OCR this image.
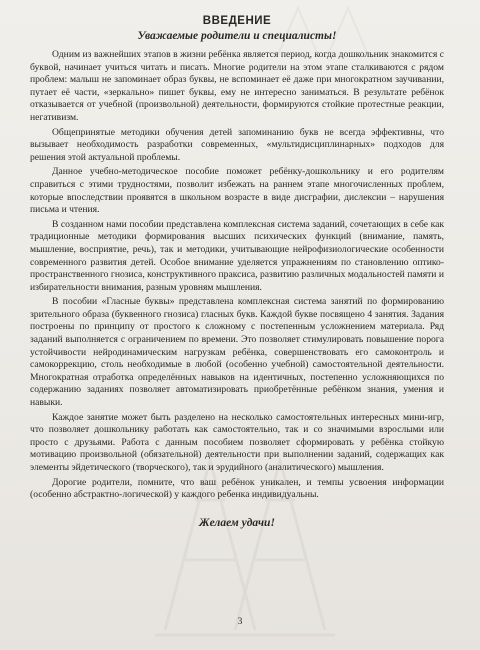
ВВЕДЕНИЕ
Уважаемые родители и специалисты!

Одним из важнейших этапов в жизни ребёнка является период, когда дошкольник знакомится с буквой, начинает учиться читать и писать. Многие родители на этом этапе сталкиваются с рядом проблем: малыш не запоминает образ буквы, не вспоминает её даже при многократном заучивании, путает её части, «зеркально» пишет буквы, ему не интересно заниматься. В результате ребёнок отказывается от учебной (произвольной) деятельности, формируются стойкие протестные реакции, негативизм.

Общепринятые методики обучения детей запоминанию букв не всегда эффективны, что вызывает необходимость разработки современных, «мультидисциплинарных» подходов для решения этой актуальной проблемы.

Данное учебно-методическое пособие поможет ребёнку-дошкольнику и его родителям справиться с этими трудностями, позволит избежать на раннем этапе многочисленных проблем, которые впоследствии проявятся в школьном возрасте в виде дисграфии, дислексии – нарушения письма и чтения.

В созданном нами пособии представлена комплексная система заданий, сочетающих в себе как традиционные методики формирования высших психических функций (внимание, память, мышление, восприятие, речь), так и методики, учитывающие нейрофизиологические особенности современного развития детей. Особое внимание уделяется упражнениям по становлению оптико-пространственного гнозиса, конструктивного праксиса, развитию различных модальностей памяти и избирательности внимания, разным уровням мышления.

В пособии «Гласные буквы» представлена комплексная система занятий по формированию зрительного образа (буквенного гнозиса) гласных букв. Каждой букве посвящено 4 занятия. Задания построены по принципу от простого к сложному с постепенным усложнением материала. Ряд заданий выполняется с ограничением по времени. Это позволяет стимулировать повышение порога устойчивости нейродинамическим нагрузкам ребёнка, совершенствовать его самоконтроль и самокоррекцию, столь необходимые в любой (особенно учебной) самостоятельной деятельности. Многократная отработка определённых навыков на идентичных, постепенно усложняющихся по содержанию заданиях позволяет автоматизировать приобретённые ребёнком знания, умения и навыки.

Каждое занятие может быть разделено на несколько самостоятельных интересных мини-игр, что позволяет дошкольнику работать как самостоятельно, так и со значимыми взрослыми или просто с друзьями. Работа с данным пособием позволяет сформировать у ребёнка стойкую мотивацию произвольной (обязательной) деятельности при выполнении заданий, содержащих как элементы эйдетического (творческого), так и эрудийного (аналитического) мышления.

Дорогие родители, помните, что ваш ребёнок уникален, и темпы усвоения информации (особенно абстрактно-логической) у каждого ребенка индивидуальны.

Желаем удачи!
3
